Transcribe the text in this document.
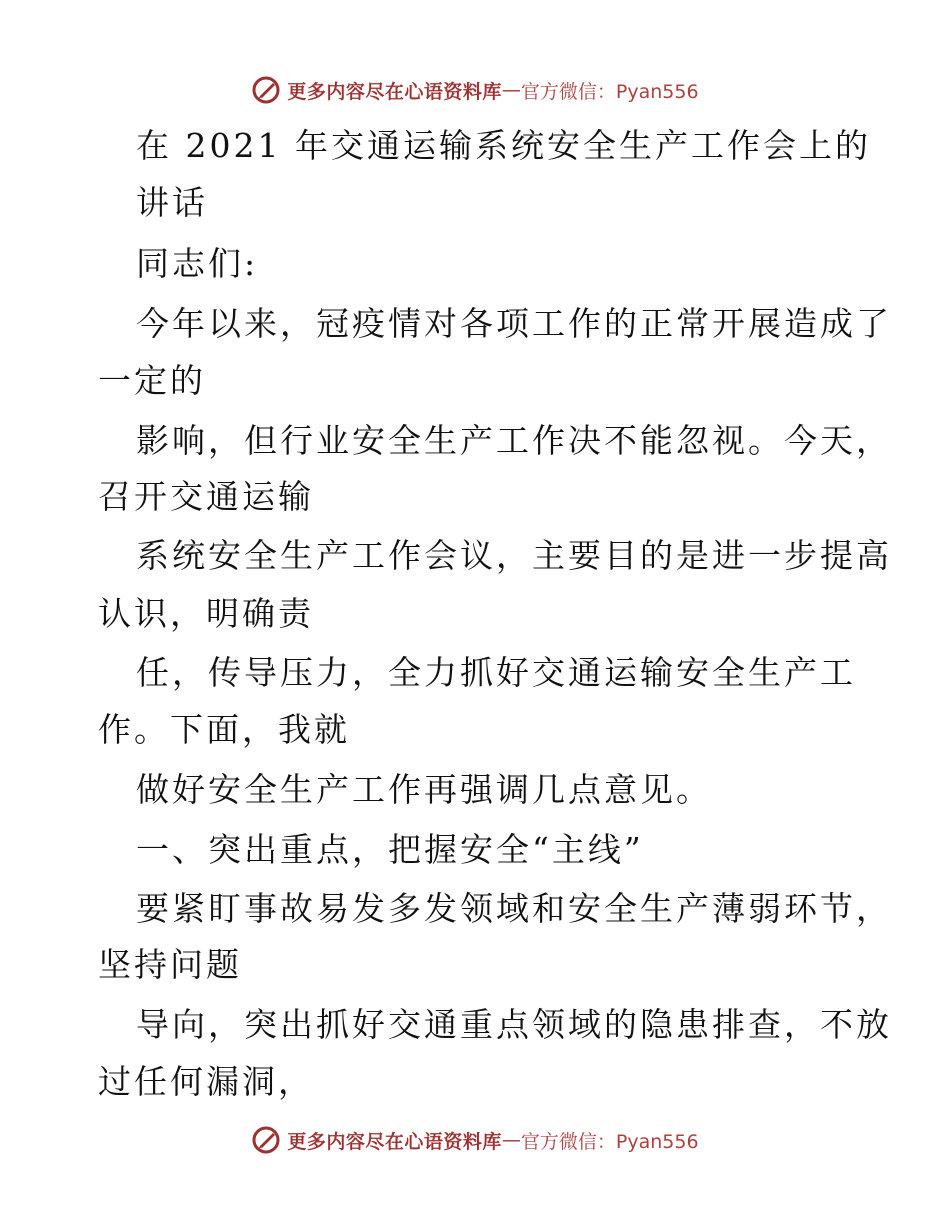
更多内容尽在心语资料库 — 官方微信：Pyan556
在 2021 年交通运输系统安全生产工作会上的
讲话
同志们:
今年以来，冠疫情对各项工作的正常开展造成了
一定的
影响，但行业安全生产工作决不能忽视。今天，
召开交通运输
系统安全生产工作会议，主要目的是进一步提高
认识，明确责
任，传导压力，全力抓好交通运输安全生产工
作。下面，我就
做好安全生产工作再强调几点意见。
一、突出重点，把握安全“主线”
要紧盯事故易发多发领域和安全生产薄弱环节，
坚持问题
导向，突出抓好交通重点领域的隐患排查，不放
过任何漏洞，
更多内容尽在心语资料库 — 官方微信：Pyan556
